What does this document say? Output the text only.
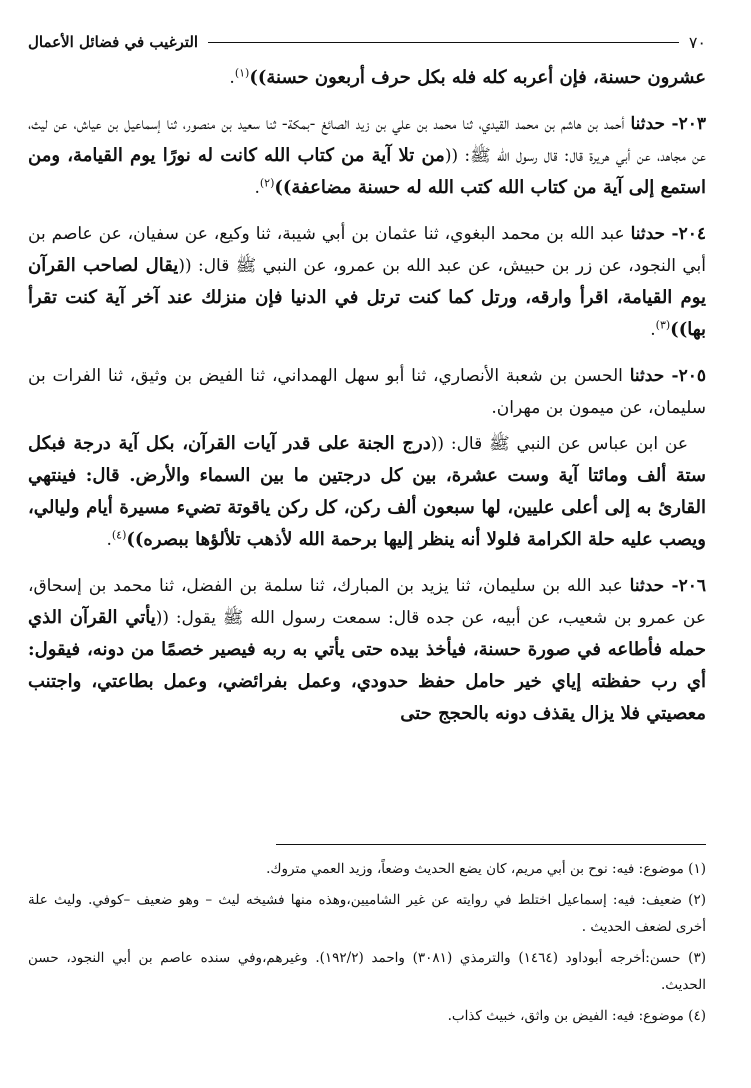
٧٠
الترغيب في فضائل الأعمال

عشرون حسنة، فإن أعربه كله فله بكل حرف أربعون حسنة))$^{(١)}$.

٢٠٣- حدثنا أحمد بن هاشم بن محمد القيدي، ثنا محمد بن علي بن زيد الصائغ -بمكة- ثنا سعيد بن منصور، ثنا إسماعيل بن عياش، عن ليث، عن مجاهد، عن أبي هريرة قال: قال رسول الله ﷺ: ((من تلا آية من كتاب الله كانت له نورًا يوم القيامة، ومن استمع إلى آية من كتاب الله كتب الله له حسنة مضاعفة))$^{(٢)}$.

٢٠٤- حدثنا عبد الله بن محمد البغوي، ثنا عثمان بن أبي شيبة، ثنا وكيع، عن سفيان، عن عاصم بن أبي النجود، عن زر بن حبيش، عن عبد الله بن عمرو، عن النبي ﷺ قال: ((يقال لصاحب القرآن يوم القيامة، اقرأ وارقه، ورتل كما كنت ترتل في الدنيا فإن منزلك عند آخر آية كنت تقرأ بها))$^{(٣)}$.

٢٠٥- حدثنا الحسن بن شعبة الأنصاري، ثنا أبو سهل الهمداني، ثنا الفيض بن وثيق، ثنا الفرات بن سليمان، عن ميمون بن مهران.

عن ابن عباس عن النبي ﷺ قال: ((درج الجنة على قدر آيات القرآن، بكل آية درجة فبكل ستة ألف ومائتا آية وست عشرة، بين كل درجتين ما بين السماء والأرض. قال: فينتهي القارئ به إلى أعلى عليين، لها سبعون ألف ركن، كل ركن ياقوتة تضيء مسيرة أيام وليالي، ويصب عليه حلة الكرامة فلولا أنه ينظر إليها برحمة الله لأذهب تلألؤها ببصره))$^{(٤)}$.

٢٠٦- حدثنا عبد الله بن سليمان، ثنا يزيد بن المبارك، ثنا سلمة بن الفضل، ثنا محمد بن إسحاق، عن عمرو بن شعيب، عن أبيه، عن جده قال: سمعت رسول الله ﷺ يقول: ((يأتي القرآن الذي حمله فأطاعه في صورة حسنة، فيأخذ بيده حتى يأتي به ربه فيصير خصمًا من دونه، فيقول: أي رب حفظته إياي خير حامل حفظ حدودي، وعمل بفرائضي، وعمل بطاعتي، واجتنب معصيتي فلا يزال يقذف دونه بالحجج حتى

(١) موضوع: فيه: نوح بن أبي مريم، كان يضع الحديث وضعاً، وزيد العمي متروك.

(٢) ضعيف: فيه: إسماعيل اختلط في روايته عن غير الشاميين،وهذه منها فشيخه ليث – وهو ضعيف –كوفي. وليث علة أخرى لضعف الحديث .

(٣) حسن:أخرجه أبوداود (١٤٦٤) والترمذي (٣٠٨١) واحمد (١٩٢/٢). وغيرهم،وفي سنده عاصم بن أبي النجود، حسن الحديث.

(٤) موضوع: فيه: الفيض بن واثق، خبيث كذاب.
